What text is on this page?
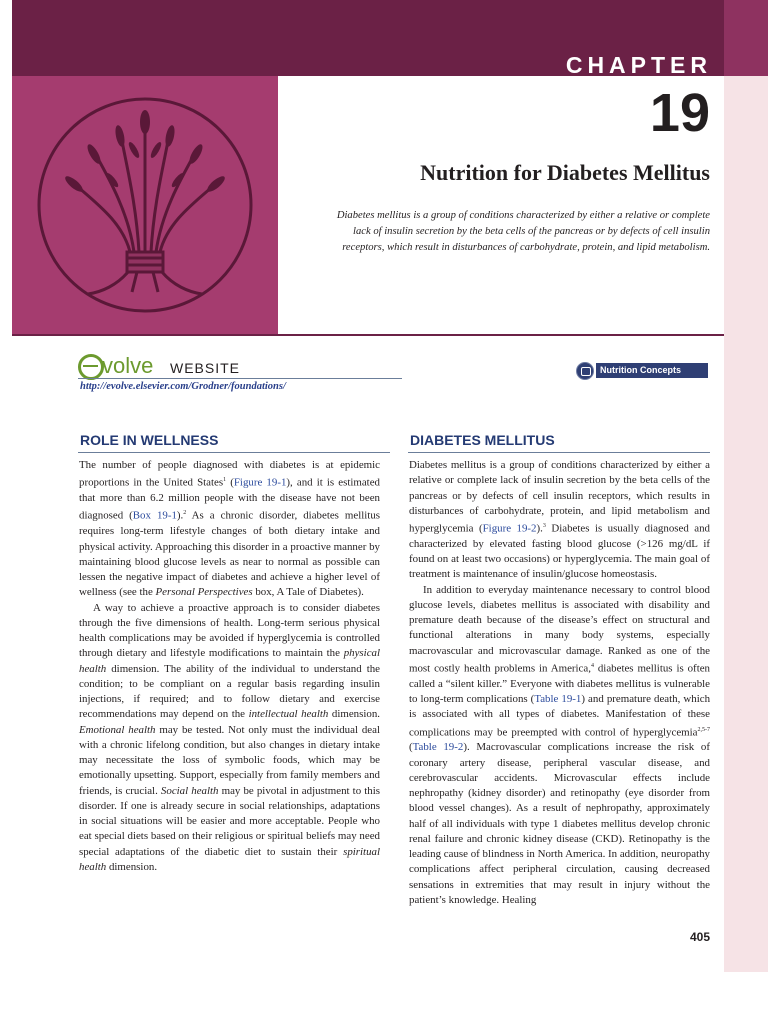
CHAPTER
19
Nutrition for Diabetes Mellitus
Diabetes mellitus is a group of conditions characterized by either a relative or complete lack of insulin secretion by the beta cells of the pancreas or by defects of cell insulin receptors, which result in disturbances of carbohydrate, protein, and lipid metabolism.
volve WEBSITE
http://evolve.elsevier.com/Grodner/foundations/
Nutrition Concepts Online
ROLE IN WELLNESS	DIABETES MELLITUS

The number of people diagnosed with diabetes is at epidemic proportions in the United States$^1$ (Figure 19-1), and it is estimated that more than 6.2 million people with the disease have not been diagnosed (Box 19-1).$^2$ As a chronic disorder, diabetes mellitus requires long-term lifestyle changes of both dietary intake and physical activity. Approaching this disorder in a proactive manner by maintaining blood glucose levels as near to normal as possible can lessen the negative impact of diabetes and achieve a higher level of wellness (see the Personal Perspectives box, A Tale of Diabetes).

A way to achieve a proactive approach is to consider diabetes through the five dimensions of health. Long-term serious physical health complications may be avoided if hyperglycemia is controlled through dietary and lifestyle modifications to maintain the physical health dimension. The ability of the individual to understand the condition; to be compliant on a regular basis regarding insulin injections, if required; and to follow dietary and exercise recommendations may depend on the intellectual health dimension. Emotional health may be tested. Not only must the individual deal with a chronic lifelong condition, but also changes in dietary intake may necessitate the loss of symbolic foods, which may be emotionally upsetting. Support, especially from family members and friends, is crucial. Social health may be pivotal in adjustment to this disorder. If one is already secure in social relationships, adaptations in social situations will be easier and more acceptable. People who eat special diets based on their religious or spiritual beliefs may need special adaptations of the diabetic diet to sustain their spiritual health dimension.

Diabetes mellitus is a group of conditions characterized by either a relative or complete lack of insulin secretion by the beta cells of the pancreas or by defects of cell insulin receptors, which results in disturbances of carbohydrate, protein, and lipid metabolism and hyperglycemia (Figure 19-2).$^3$ Diabetes is usually diagnosed and characterized by elevated fasting blood glucose (>126 mg/dL if found on at least two occasions) or hyperglycemia. The main goal of treatment is maintenance of insulin/glucose homeostasis.

In addition to everyday maintenance necessary to control blood glucose levels, diabetes mellitus is associated with disability and premature death because of the disease’s effect on structural and functional alterations in many body systems, especially macrovascular and microvascular damage. Ranked as one of the most costly health problems in America,$^4$ diabetes mellitus is often called a “silent killer.” Everyone with diabetes mellitus is vulnerable to long-term complications (Table 19-1) and premature death, which is associated with all types of diabetes. Manifestation of these complications may be preempted with control of hyperglycemia$^{2,5-7}$ (Table 19-2). Macrovascular complications increase the risk of coronary artery disease, peripheral vascular disease, and cerebrovascular accidents. Microvascular effects include nephropathy (kidney disorder) and retinopathy (eye disorder from blood vessel changes). As a result of nephropathy, approximately half of all individuals with type 1 diabetes mellitus develop chronic renal failure and chronic kidney disease (CKD). Retinopathy is the leading cause of blindness in North America. In addition, neuropathy complications affect peripheral circulation, causing decreased sensations in extremities that may result in injury without the patient’s knowledge. Healing

405
